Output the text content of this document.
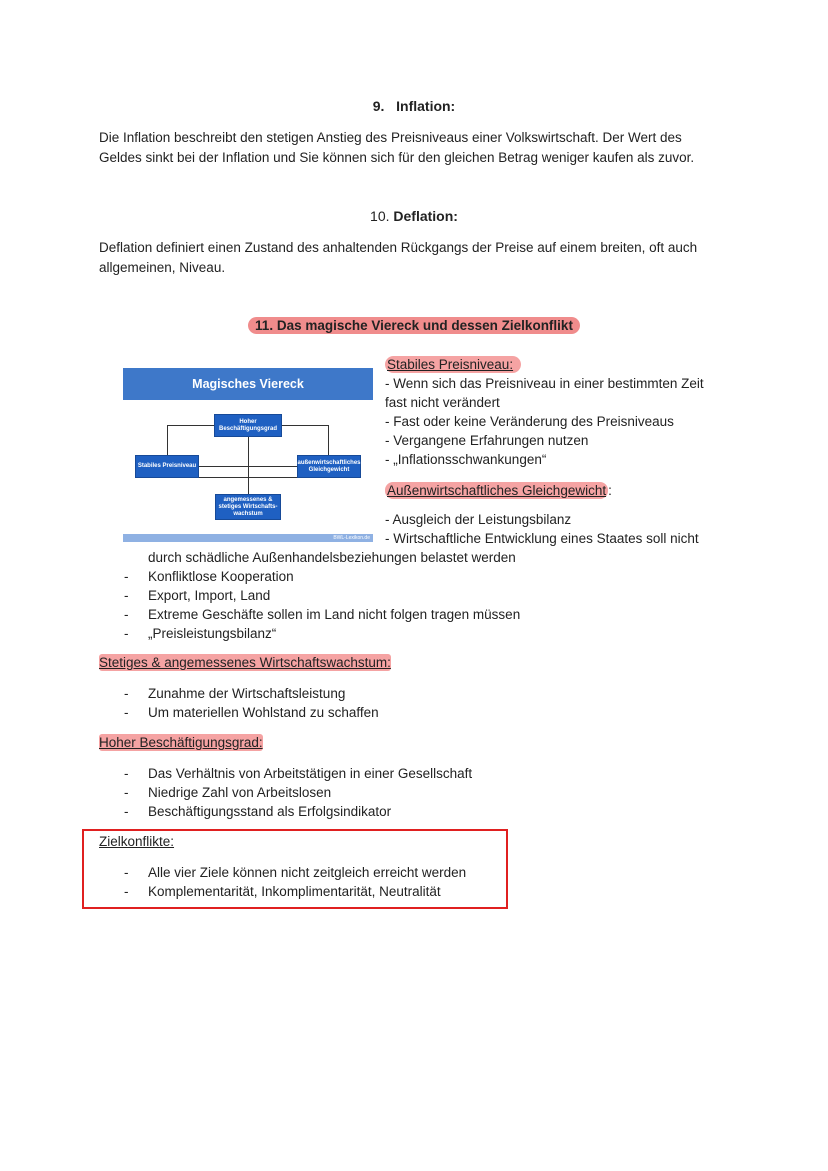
9. Inflation:
Die Inflation beschreibt den stetigen Anstieg des Preisniveaus einer Volkswirtschaft. Der Wert des
Geldes sinkt bei der Inflation und Sie können sich für den gleichen Betrag weniger kaufen als zuvor.
10. Deflation:
Deflation definiert einen Zustand des anhaltenden Rückgangs der Preise auf einem breiten, oft auch
allgemeinen, Niveau.
11. Das magische Viereck und dessen Zielkonflikt
Magisches Viereck
Hoher Beschäftigungsgrad
Stabiles Preisniveau
außenwirtschaftliches Gleichgewicht
angemessenes & stetiges Wirtschafts-wachstum
BWL-Lexikon.de
Stabiles Preisniveau:
- Wenn sich das Preisniveau in einer bestimmten Zeit
fast nicht verändert
- Fast oder keine Veränderung des Preisniveaus
- Vergangene Erfahrungen nutzen
- „Inflationsschwankungen“
Außenwirtschaftliches Gleichgewicht :
- Ausgleich der Leistungsbilanz
- Wirtschaftliche Entwicklung eines Staates soll nicht
durch schädliche Außenhandelsbeziehungen belastet werden
- Konfliktlose Kooperation
- Export, Import, Land
- Extreme Geschäfte sollen im Land nicht folgen tragen müssen
- „Preisleistungsbilanz“
Stetiges & angemessenes Wirtschaftswachstum:
- Zunahme der Wirtschaftsleistung
- Um materiellen Wohlstand zu schaffen
Hoher Beschäftigungsgrad:
- Das Verhältnis von Arbeitstätigen in einer Gesellschaft
- Niedrige Zahl von Arbeitslosen
- Beschäftigungsstand als Erfolgsindikator
Zielkonflikte:
- Alle vier Ziele können nicht zeitgleich erreicht werden
- Komplementarität, Inkomplimentarität, Neutralität
